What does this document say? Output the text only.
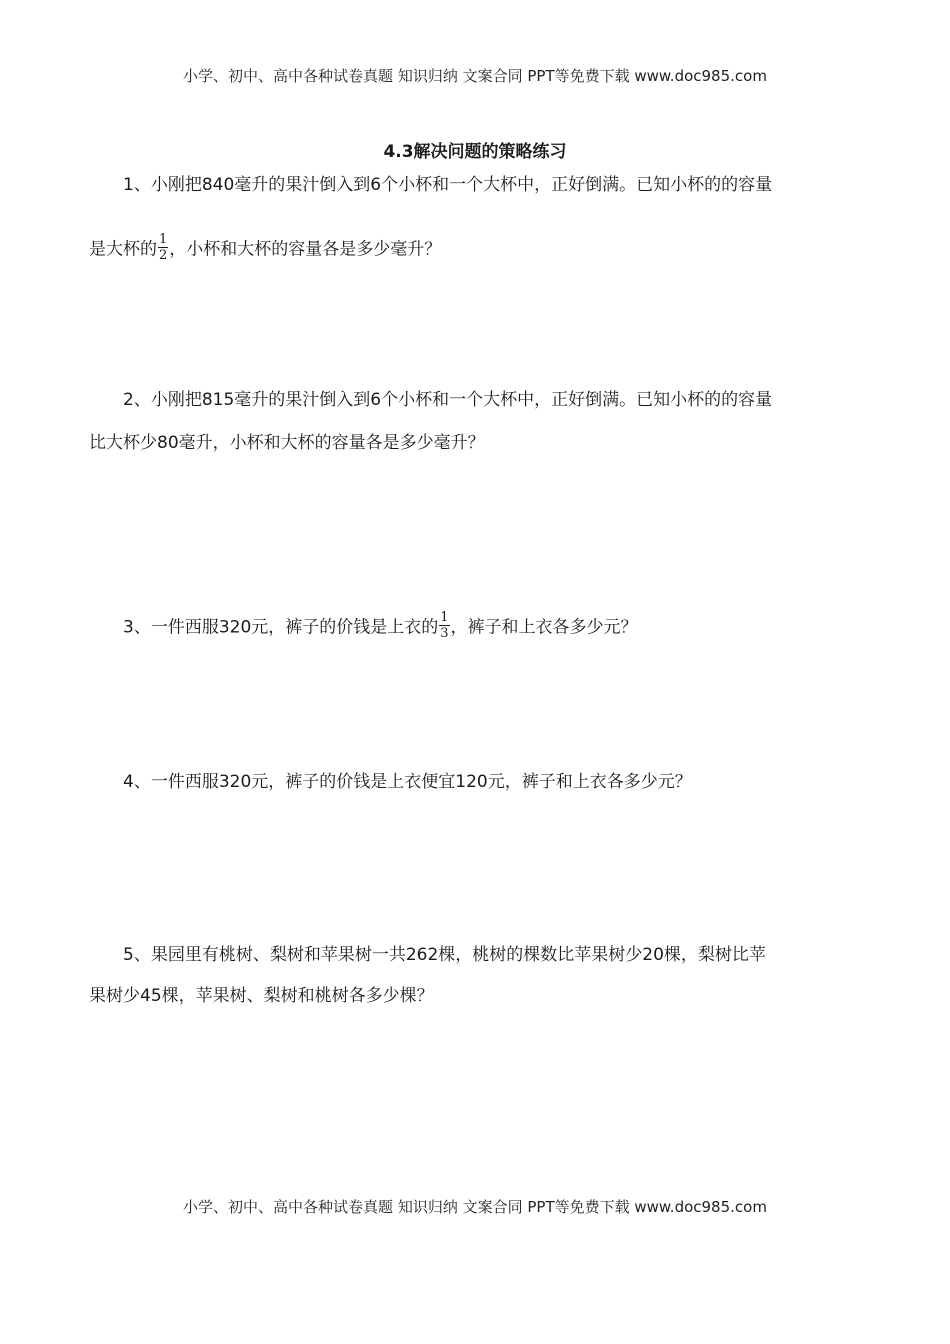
小学、初中、高中各种试卷真题 知识归纳 文案合同 PPT等免费下载 www.doc985.com
4.3解决问题的策略练习
1、小刚把840毫升的果汁倒入到6个小杯和一个大杯中，正好倒满。已知小杯的的容量
是大杯的 $\frac{1}{2}$ ，小杯和大杯的容量各是多少毫升？
2、小刚把815毫升的果汁倒入到6个小杯和一个大杯中，正好倒满。已知小杯的的容量
比大杯少80毫升，小杯和大杯的容量各是多少毫升？
3、一件西服320元，裤子的价钱是上衣的 $\frac{1}{3}$ ，裤子和上衣各多少元？
4、一件西服320元，裤子的价钱是上衣便宜120元，裤子和上衣各多少元？
5、果园里有桃树、梨树和苹果树一共262棵，桃树的棵数比苹果树少20棵，梨树比苹
果树少45棵，苹果树、梨树和桃树各多少棵？
小学、初中、高中各种试卷真题 知识归纳 文案合同 PPT等免费下载 www.doc985.com
